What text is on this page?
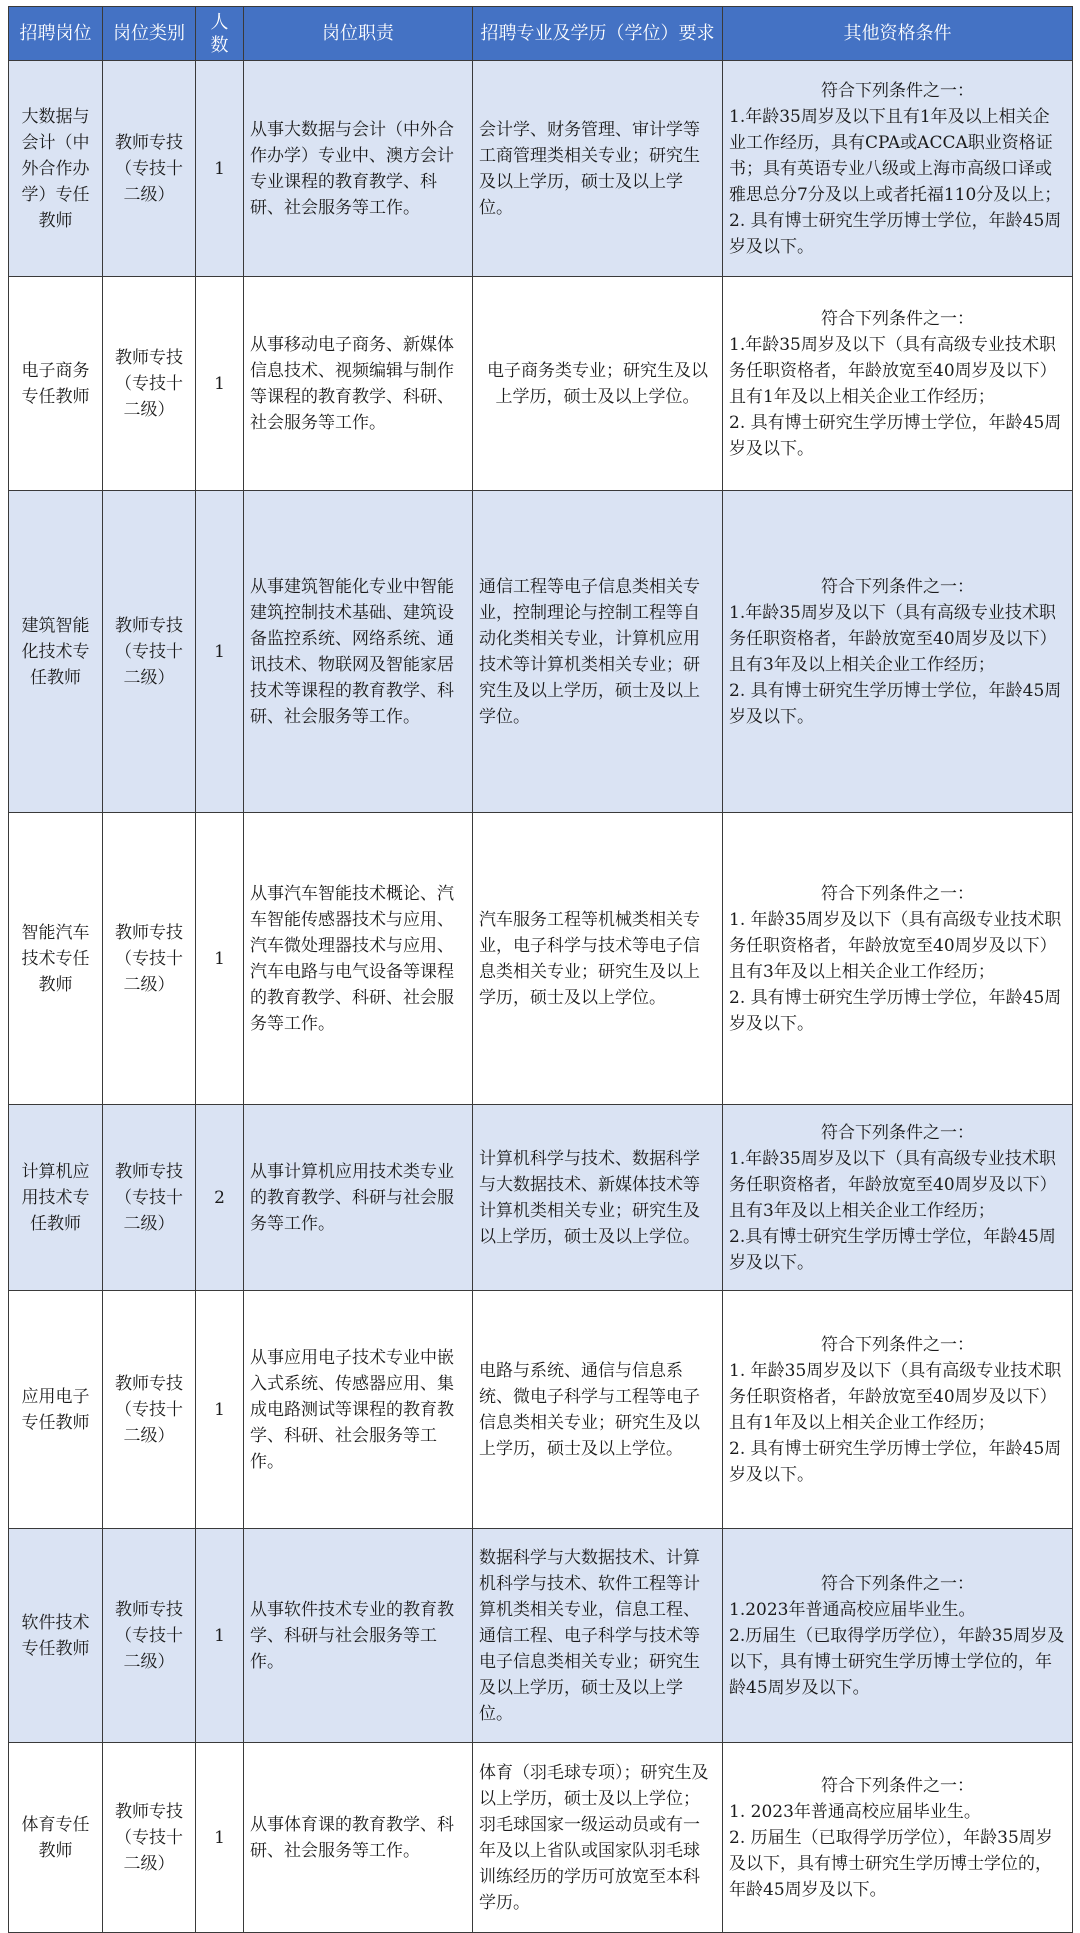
招聘岗位	岗位类别	人数	岗位职责	招聘专业及学历（学位）要求	其他资格条件
大数据与会计（中外合作办学）专任教师	教师专技（专技十二级）	1	从事大数据与会计（中外合作办学）专业中、澳方会计专业课程的教育教学、科研、社会服务等工作。	会计学、财务管理、审计学等工商管理类相关专业；研究生及以上学历，硕士及以上学位。	符合下列条件之一：
1.年龄35周岁及以下且有1年及以上相关企业工作经历，具有CPA或ACCA职业资格证书；具有英语专业八级或上海市高级口译或雅思总分7分及以上或者托福110分及以上；
2. 具有博士研究生学历博士学位，年龄45周岁及以下。

电子商务专任教师	教师专技（专技十二级）	1	从事移动电子商务、新媒体信息技术、视频编辑与制作等课程的教育教学、科研、社会服务等工作。	电子商务类专业；研究生及以上学历，硕士及以上学位。	符合下列条件之一：
1.年龄35周岁及以下（具有高级专业技术职务任职资格者，年龄放宽至40周岁及以下）且有1年及以上相关企业工作经历；
2. 具有博士研究生学历博士学位，年龄45周岁及以下。

建筑智能化技术专任教师	教师专技（专技十二级）	1	从事建筑智能化专业中智能建筑控制技术基础、建筑设备监控系统、网络系统、通讯技术、物联网及智能家居技术等课程的教育教学、科研、社会服务等工作。	通信工程等电子信息类相关专业，控制理论与控制工程等自动化类相关专业，计算机应用技术等计算机类相关专业；研究生及以上学历，硕士及以上学位。	符合下列条件之一：
1.年龄35周岁及以下（具有高级专业技术职务任职资格者，年龄放宽至40周岁及以下）且有3年及以上相关企业工作经历；
2. 具有博士研究生学历博士学位，年龄45周岁及以下。

智能汽车技术专任教师	教师专技（专技十二级）	1	从事汽车智能技术概论、汽车智能传感器技术与应用、汽车微处理器技术与应用、汽车电路与电气设备等课程的教育教学、科研、社会服务等工作。	汽车服务工程等机械类相关专业，电子科学与技术等电子信息类相关专业；研究生及以上学历，硕士及以上学位。	符合下列条件之一：
1. 年龄35周岁及以下（具有高级专业技术职务任职资格者，年龄放宽至40周岁及以下）且有3年及以上相关企业工作经历；
2. 具有博士研究生学历博士学位，年龄45周岁及以下。

计算机应用技术专任教师	教师专技（专技十二级）	2	从事计算机应用技术类专业的教育教学、科研与社会服务等工作。	计算机科学与技术、数据科学与大数据技术、新媒体技术等计算机类相关专业；研究生及以上学历，硕士及以上学位。	符合下列条件之一：
1.年龄35周岁及以下（具有高级专业技术职务任职资格者，年龄放宽至40周岁及以下）且有3年及以上相关企业工作经历；
2.具有博士研究生学历博士学位，年龄45周岁及以下。

应用电子专任教师	教师专技（专技十二级）	1	从事应用电子技术专业中嵌入式系统、传感器应用、集成电路测试等课程的教育教学、科研、社会服务等工作。	电路与系统、通信与信息系统、微电子科学与工程等电子信息类相关专业；研究生及以上学历，硕士及以上学位。	符合下列条件之一：
1. 年龄35周岁及以下（具有高级专业技术职务任职资格者，年龄放宽至40周岁及以下）且有1年及以上相关企业工作经历；
2. 具有博士研究生学历博士学位，年龄45周岁及以下。

软件技术专任教师	教师专技（专技十二级）	1	从事软件技术专业的教育教学、科研与社会服务等工作。	数据科学与大数据技术、计算机科学与技术、软件工程等计算机类相关专业，信息工程、通信工程、电子科学与技术等电子信息类相关专业；研究生及以上学历，硕士及以上学位。	符合下列条件之一：
1.2023年普通高校应届毕业生。
2.历届生（已取得学历学位），年龄35周岁及以下，具有博士研究生学历博士学位的，年龄45周岁及以下。

体育专任教师	教师专技（专技十二级）	1	从事体育课的教育教学、科研、社会服务等工作。	体育（羽毛球专项）；研究生及以上学历，硕士及以上学位；羽毛球国家一级运动员或有一年及以上省队或国家队羽毛球训练经历的学历可放宽至本科学历。	符合下列条件之一：
1. 2023年普通高校应届毕业生。
2. 历届生（已取得学历学位），年龄35周岁及以下，具有博士研究生学历博士学位的，年龄45周岁及以下。
